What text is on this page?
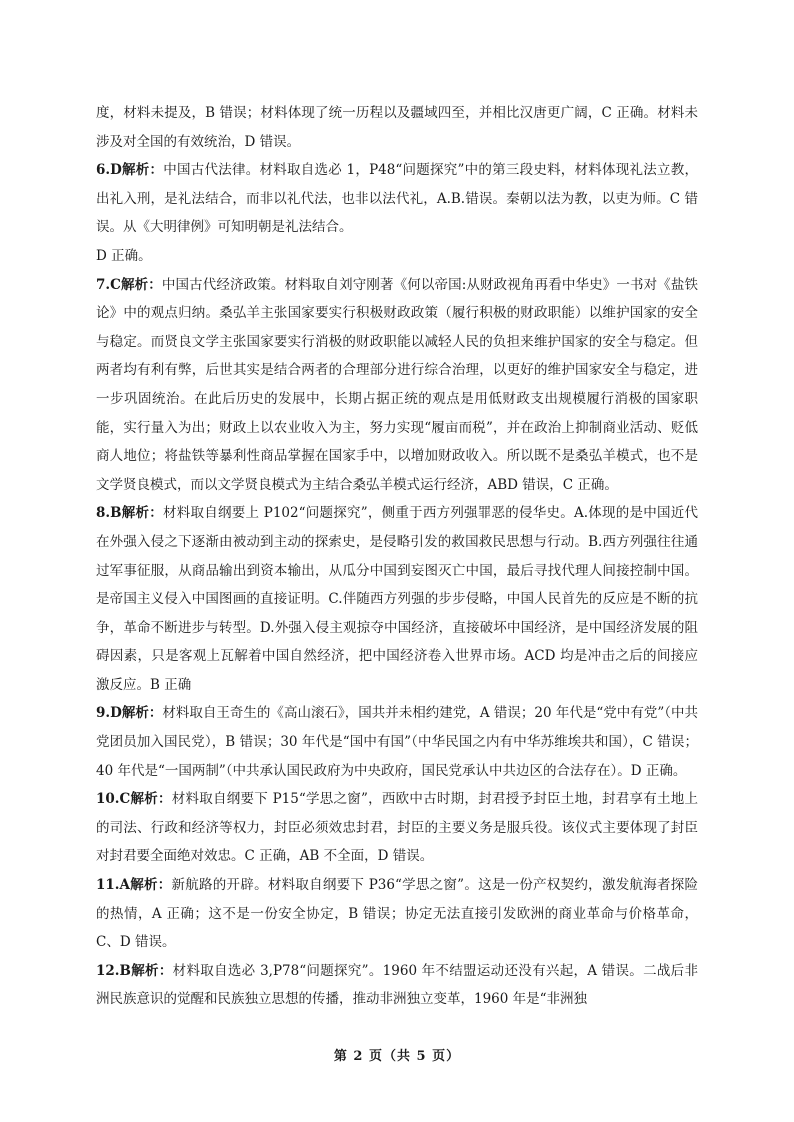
度，材料未提及，B 错误；材料体现了统一历程以及疆域四至，并相比汉唐更广阔，C 正确。材料未涉及对全国的有效统治，D 错误。

6.D解析：中国古代法律。材料取自选必 1，P48“问题探究”中的第三段史料，材料体现礼法立教，出礼入刑，是礼法结合，而非以礼代法，也非以法代礼，A.B.错误。秦朝以法为教，以吏为师。C 错误。从《大明律例》可知明朝是礼法结合。

D 正确。

7.C解析：中国古代经济政策。材料取自刘守刚著《何以帝国:从财政视角再看中华史》一书对《盐铁论》中的观点归纳。桑弘羊主张国家要实行积极财政政策（履行积极的财政职能）以维护国家的安全与稳定。而贤良文学主张国家要实行消极的财政职能以减轻人民的负担来维护国家的安全与稳定。但两者均有利有弊，后世其实是结合两者的合理部分进行综合治理，以更好的维护国家安全与稳定，进一步巩固统治。在此后历史的发展中，长期占据正统的观点是用低财政支出规模履行消极的国家职能，实行量入为出；财政上以农业收入为主，努力实现“履亩而税”，并在政治上抑制商业活动、贬低商人地位；将盐铁等暴利性商品掌握在国家手中，以增加财政收入。所以既不是桑弘羊模式，也不是文学贤良模式，而以文学贤良模式为主结合桑弘羊模式运行经济，ABD 错误，C 正确。

8.B解析：材料取自纲要上 P102“问题探究”，侧重于西方列强罪恶的侵华史。A.体现的是中国近代在外强入侵之下逐渐由被动到主动的探索史，是侵略引发的救国救民思想与行动。B.西方列强往往通过军事征服，从商品输出到资本输出，从瓜分中国到妄图灭亡中国，最后寻找代理人间接控制中国。是帝国主义侵入中国图画的直接证明。C.伴随西方列强的步步侵略，中国人民首先的反应是不断的抗争，革命不断进步与转型。D.外强入侵主观掠夺中国经济，直接破坏中国经济，是中国经济发展的阻碍因素，只是客观上瓦解着中国自然经济，把中国经济卷入世界市场。ACD 均是冲击之后的间接应激反应。B 正确

9.D解析：材料取自王奇生的《高山滚石》，国共并未相约建党，A 错误；20 年代是“党中有党”（中共党团员加入国民党），B 错误；30 年代是“国中有国”（中华民国之内有中华苏维埃共和国），C 错误；40 年代是“一国两制”（中共承认国民政府为中央政府，国民党承认中共边区的合法存在）。D 正确。

10.C解析：材料取自纲要下 P15“学思之窗”，西欧中古时期，封君授予封臣土地，封君享有土地上的司法、行政和经济等权力，封臣必须效忠封君，封臣的主要义务是服兵役。该仪式主要体现了封臣对封君要全面绝对效忠。C 正确，AB 不全面，D 错误。

11.A解析：新航路的开辟。材料取自纲要下 P36“学思之窗”。这是一份产权契约，激发航海者探险的热情，A 正确；这不是一份安全协定，B 错误；协定无法直接引发欧洲的商业革命与价格革命，C、D 错误。

12.B解析：材料取自选必 3,P78“问题探究”。1960 年不结盟运动还没有兴起，A 错误。二战后非洲民族意识的觉醒和民族独立思想的传播，推动非洲独立变革，1960 年是“非洲独

第 2 页（共 5 页）
